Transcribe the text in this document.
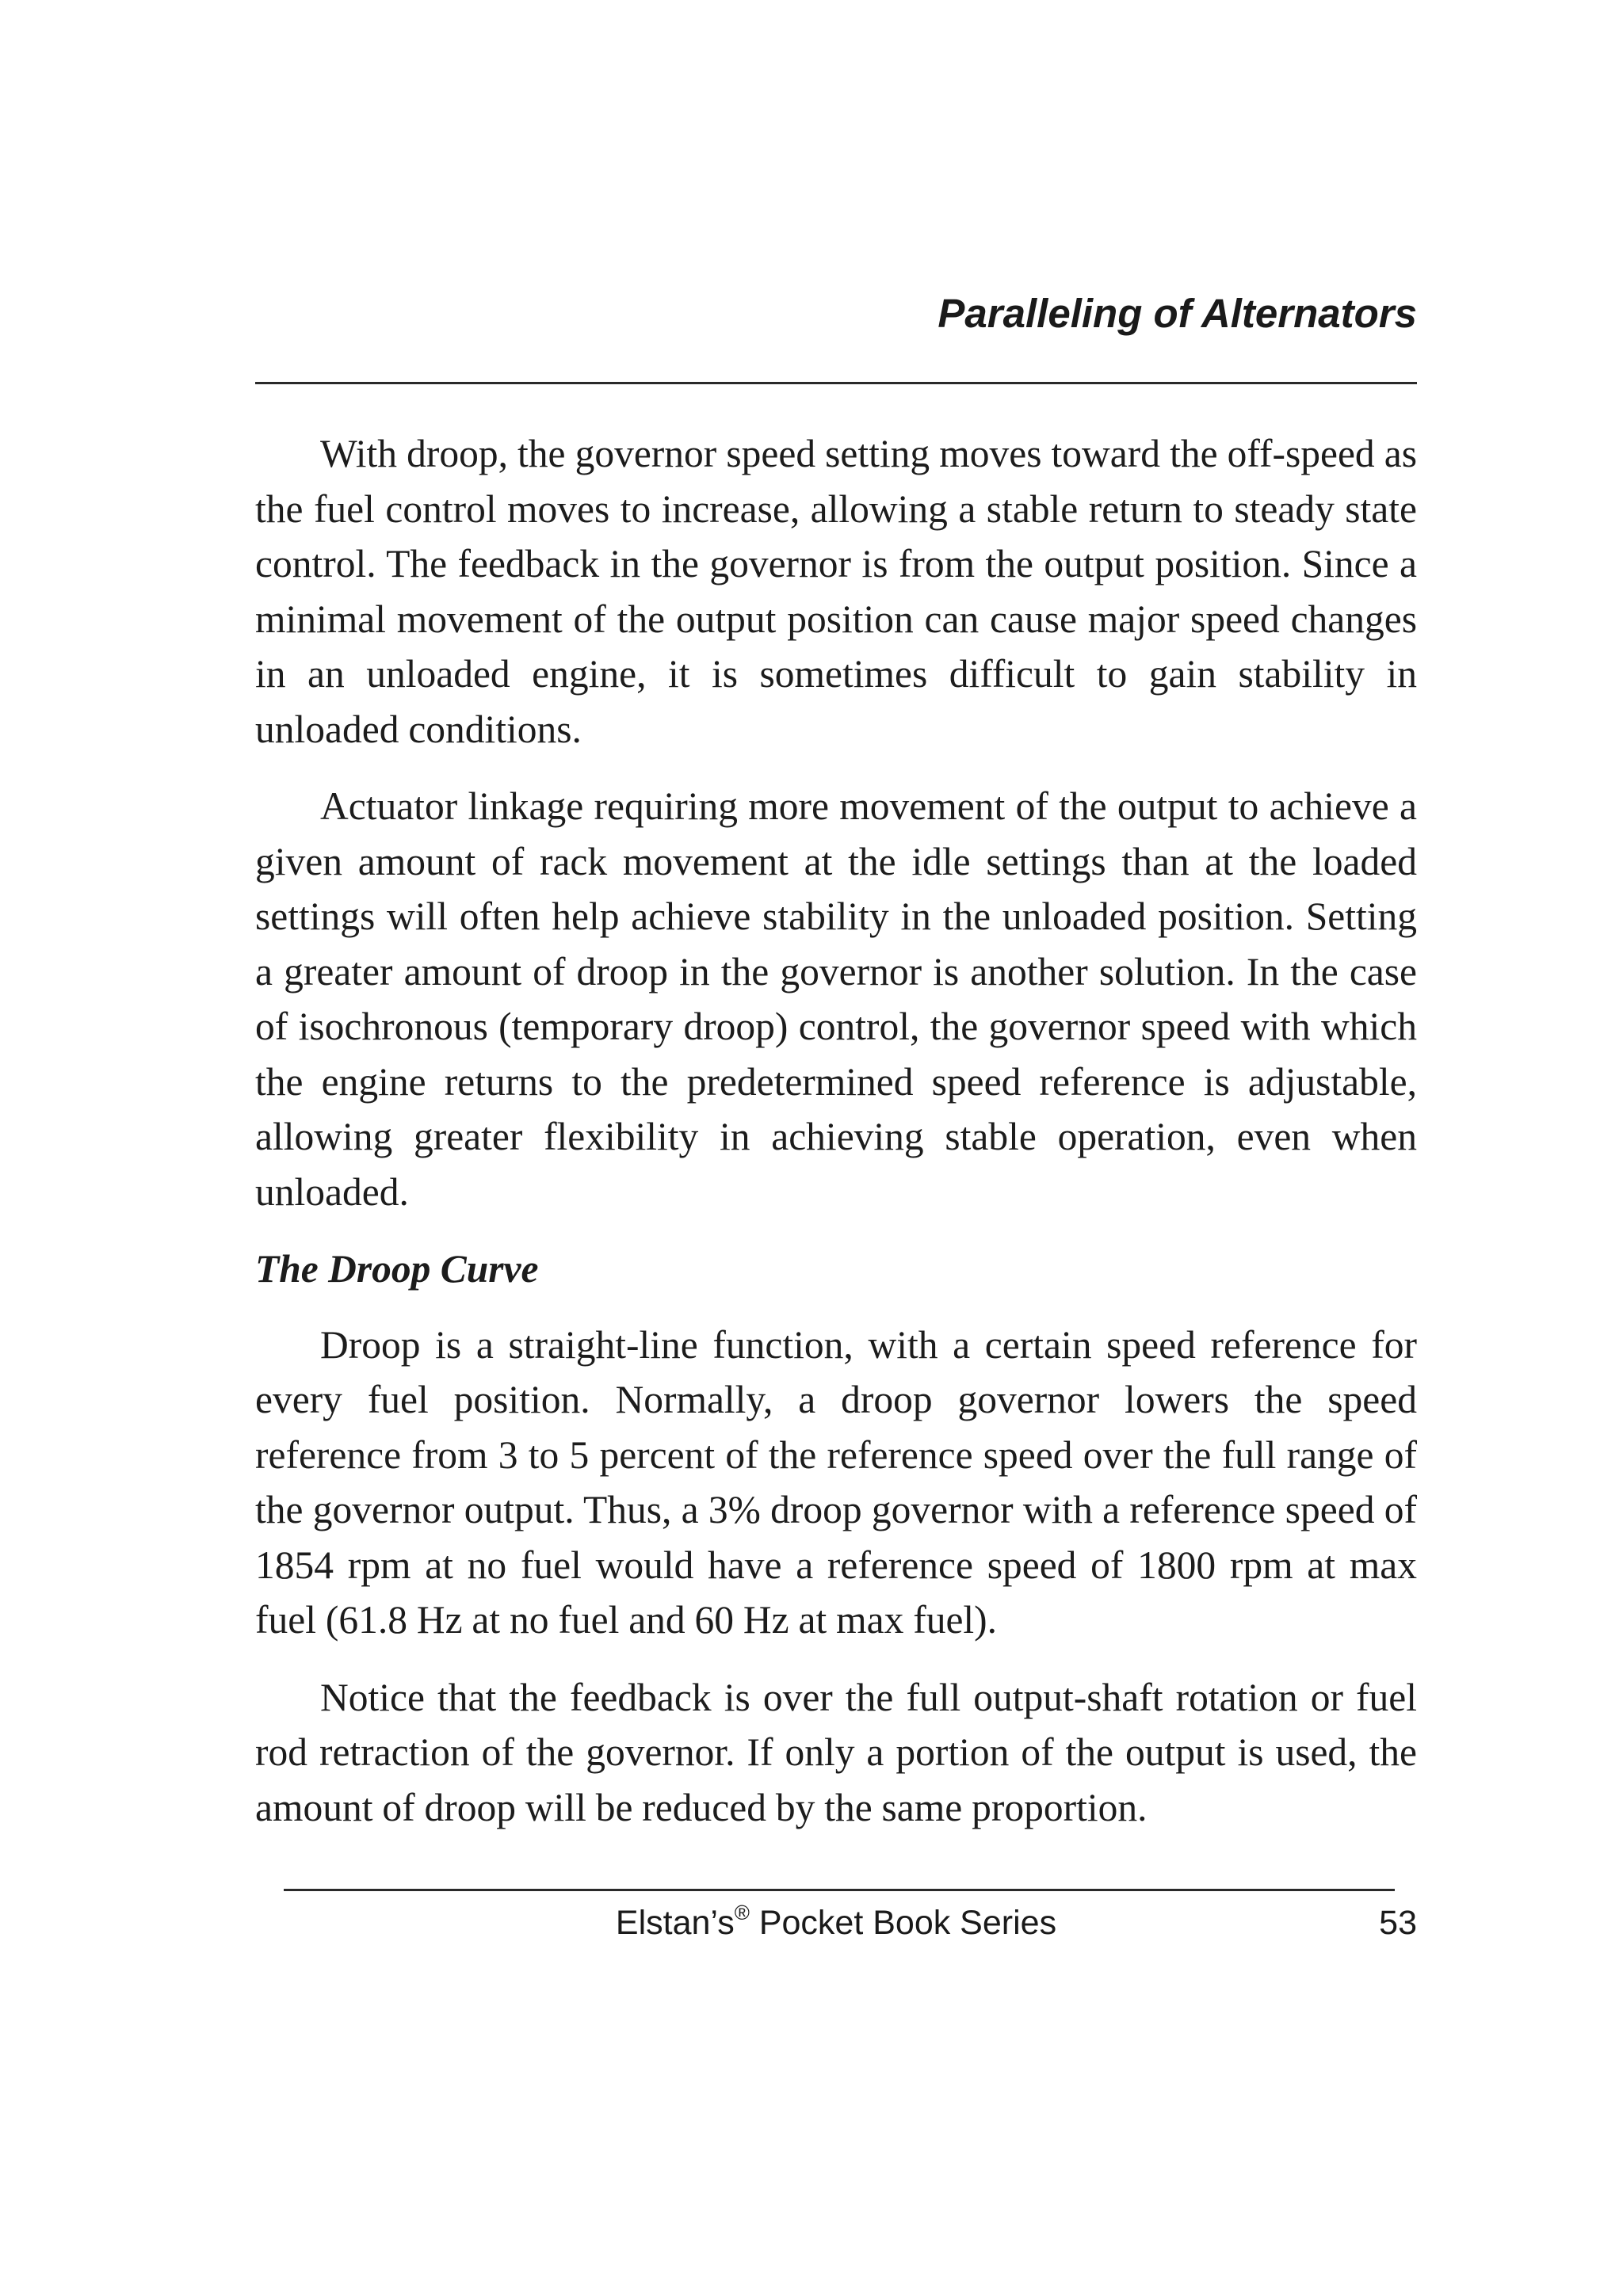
Paralleling of Alternators

With droop, the governor speed setting moves toward the off-speed as the fuel control moves to increase, allowing a stable return to steady state control. The feedback in the governor is from the output position. Since a minimal movement of the output position can cause major speed changes in an unloaded engine, it is sometimes difficult to gain stability in unloaded conditions.

Actuator linkage requiring more movement of the output to achieve a given amount of rack movement at the idle settings than at the loaded settings will often help achieve stability in the unloaded position. Setting a greater amount of droop in the governor is another solution. In the case of isochronous (temporary droop) control, the governor speed with which the engine returns to the predetermined speed reference is adjustable, allowing greater flexibility in achieving stable operation, even when unloaded.

The Droop Curve

Droop is a straight-line function, with a certain speed reference for every fuel position. Normally, a droop governor lowers the speed reference from 3 to 5 percent of the reference speed over the full range of the governor output. Thus, a 3% droop governor with a reference speed of 1854 rpm at no fuel would have a reference speed of 1800 rpm at max fuel (61.8 Hz at no fuel and 60 Hz at max fuel).

Notice that the feedback is over the full output-shaft rotation or fuel rod retraction of the governor. If only a portion of the output is used, the amount of droop will be reduced by the same proportion.

Elstan’s® Pocket Book Series	53
